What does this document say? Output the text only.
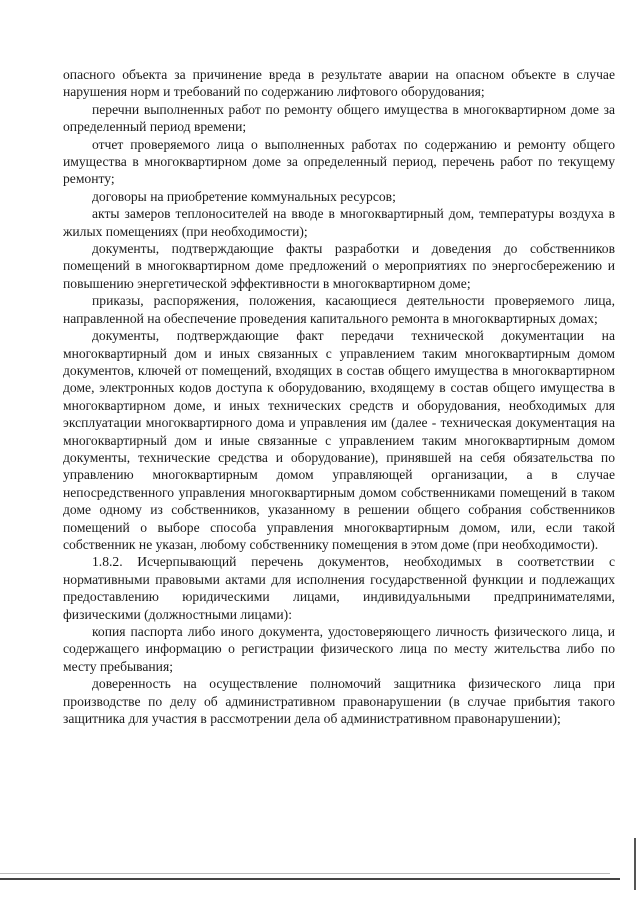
опасного объекта за причинение вреда в результате аварии на опасном объекте в случае нарушения норм и требований по содержанию лифтового оборудования;

перечни выполненных работ по ремонту общего имущества в многоквартирном доме за определенный период времени;

отчет проверяемого лица о выполненных работах по содержанию и ремонту общего имущества в многоквартирном доме за определенный период, перечень работ по текущему ремонту;

договоры на приобретение коммунальных ресурсов;

акты замеров теплоносителей на вводе в многоквартирный дом, температуры воздуха в жилых помещениях (при необходимости);

документы, подтверждающие факты разработки и доведения до собственников помещений в многоквартирном доме предложений о мероприятиях по энергосбережению и повышению энергетической эффективности в многоквартирном доме;

приказы, распоряжения, положения, касающиеся деятельности проверяемого лица, направленной на обеспечение проведения капитального ремонта в многоквартирных домах;

документы, подтверждающие факт передачи технической документации на многоквартирный дом и иных связанных с управлением таким многоквартирным домом документов, ключей от помещений, входящих в состав общего имущества в многоквартирном доме, электронных кодов доступа к оборудованию, входящему в состав общего имущества в многоквартирном доме, и иных технических средств и оборудования, необходимых для эксплуатации многоквартирного дома и управления им (далее - техническая документация на многоквартирный дом и иные связанные с управлением таким многоквартирным домом документы, технические средства и оборудование), принявшей на себя обязательства по управлению многоквартирным домом управляющей организации, а в случае непосредственного управления многоквартирным домом собственниками помещений в таком доме одному из собственников, указанному в решении общего собрания собственников помещений о выборе способа управления многоквартирным домом, или, если такой собственник не указан, любому собственнику помещения в этом доме (при необходимости).

1.8.2. Исчерпывающий перечень документов, необходимых в соответствии с нормативными правовыми актами для исполнения государственной функции и подлежащих предоставлению юридическими лицами, индивидуальными предпринимателями, физическими (должностными лицами):

копия паспорта либо иного документа, удостоверяющего личность физического лица, и содержащего информацию о регистрации физического лица по месту жительства либо по месту пребывания;

доверенность на осуществление полномочий защитника физического лица при производстве по делу об административном правонарушении (в случае прибытия такого защитника для участия в рассмотрении дела об административном правонарушении);
